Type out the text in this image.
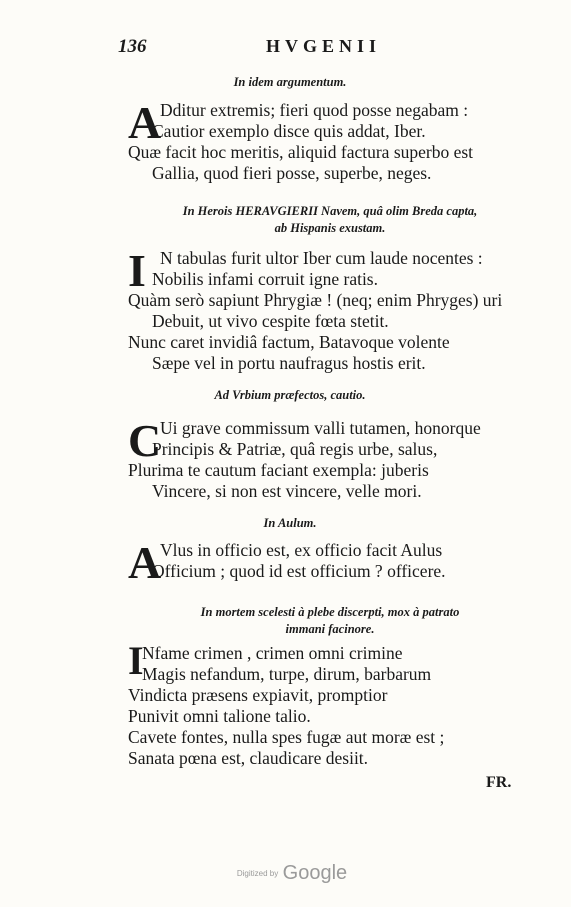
136	HVGENII
In idem argumentum.
A
Dditur extremis; fieri quod posse negabam :
Cautior exemplo disce quis addat, Iber.
Quæ facit hoc meritis, aliquid factura superbo est
Gallia, quod fieri posse, superbe, neges.
In Herois HERAVGIERII Navem, quâ olim Breda capta,
ab Hispanis exustam.
I N tabulas furit ultor Iber cum laude nocentes :
Nobilis infami corruit igne ratis.
Quàm serò sapiunt Phrygiæ ! (neq; enim Phryges) uri
Debuit, ut vivo cespite fœta stetit.
Nunc caret invidiâ factum, Batavoque volente
Sæpe vel in portu naufragus hostis erit.
Ad Vrbium præfectos, cautio.
C
Ui grave commissum valli tutamen, honorque
Principis & Patriæ, quâ regis urbe, salus,
Plurima te cautum faciant exempla: juberis
Vincere, si non est vincere, velle mori.
In Aulum.
A
Vlus in officio est, ex officio facit Aulus
Officium ; quod id est officium ? officere.
In mortem scelesti à plebe discerpti, mox à patrato
immani facinore.
I
Nfame crimen , crimen omni crimine
Magis nefandum, turpe, dirum, barbarum
Vindicta præsens expiavit, promptior
Punivit omni talione talio.
Cavete fontes, nulla spes fugæ aut moræ est ;
Sanata pœna est, claudicare desiit.
FR.
Digitized by Google
